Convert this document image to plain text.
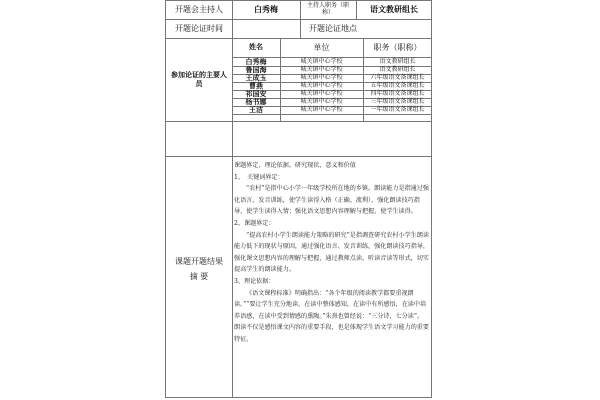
开题会主持人	白秀梅	主持人职务（职称）	语文教研组长
开题论证时间	开题论证地点
参加论证的主要人员
姓名	单位	职务（职称）
白秀梅	城关镇中心学校	语文教研组长
鲁国海	城关镇中心学校	语文教研组长
王成玉	城关镇中心学校	六年级语文备课组长
曹燕	城关镇中心学校	五年级语文备课组长
祁国安	城关镇中心学校	四年级语文备课组长
杨书娜	城关镇中心学校	三年级语文备课组长
王洁	城关镇中心学校	一年级语文备课组长
课题开题结果
摘 要

课题界定、理论依据、研究现状、意义和价值

1、　关键词界定：

“农村”是指中心小学一年级学校所在地的乡镇。朗读能力是指通过强化语言、发音训练，使学生读得入格（正确、流利），强化朗读技巧指导，使学生读得入情；强化语文思想内容理解与把握，使学生读得。

2、课题界定：

“提高农村小学生朗读能力策略的研究”是指调查研究农村小学生朗读能力低下的现状与原因，通过强化语言、发音训练，强化朗读技巧指导，强化课文思想内容的理解与把握，通过教师点读、听读音读等形式，切实提高学生的朗读能力。

3、理论依据：

《语文课程标准》明确指出：“各个年级的阅读教学都要重视朗读。”“要让学生充分地读，在读中整体感知，在读中有所感悟，在读中培养语感，在读中受到情感的熏陶。”朱熹也曾经说：“三分诗，七分读”。朗读不仅是感悟课文内容的重要手段，也是体现学生语文学习能力的重要特征。
